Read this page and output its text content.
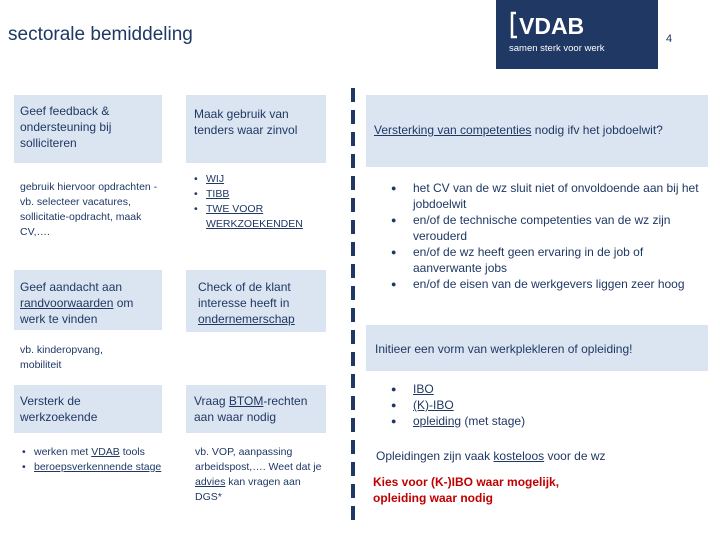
sectorale bemiddeling	4
VDAB
samen sterk voor werk
Geef feedback & ondersteuning bij solliciteren
gebruik hiervoor opdrachten - vb. selecteer vacatures, sollicitatie-opdracht, maak CV,….
Geef aandacht aan randvoorwaarden om werk te vinden
vb. kinderopvang, mobiliteit
Versterk de werkzoekende
• werken met VDAB tools
• beroepsverkennende stage
Maak gebruik van tenders waar zinvol
• WIJ
• TIBB
• TWE VOOR WERKZOEKENDEN
Check of de klant interesse heeft in ondernemerschap
Vraag BTOM-rechten aan waar nodig
vb. VOP, aanpassing arbeidspost,…. Weet dat je advies kan vragen aan DGS*
Versterking van competenties nodig ifv het jobdoelwit?
● het CV van de wz sluit niet of onvoldoende aan bij het jobdoelwit
● en/of de technische competenties van de wz zijn verouderd
● en/of de wz heeft geen ervaring in de job of aanverwante jobs
● en/of de eisen van de werkgevers liggen zeer hoog
Initieer een vorm van werkplekleren of opleiding!
● IBO
● (K)-IBO
● opleiding (met stage)
Opleidingen zijn vaak kosteloos voor de wz
Kies voor (K-)IBO waar mogelijk, opleiding waar nodig
